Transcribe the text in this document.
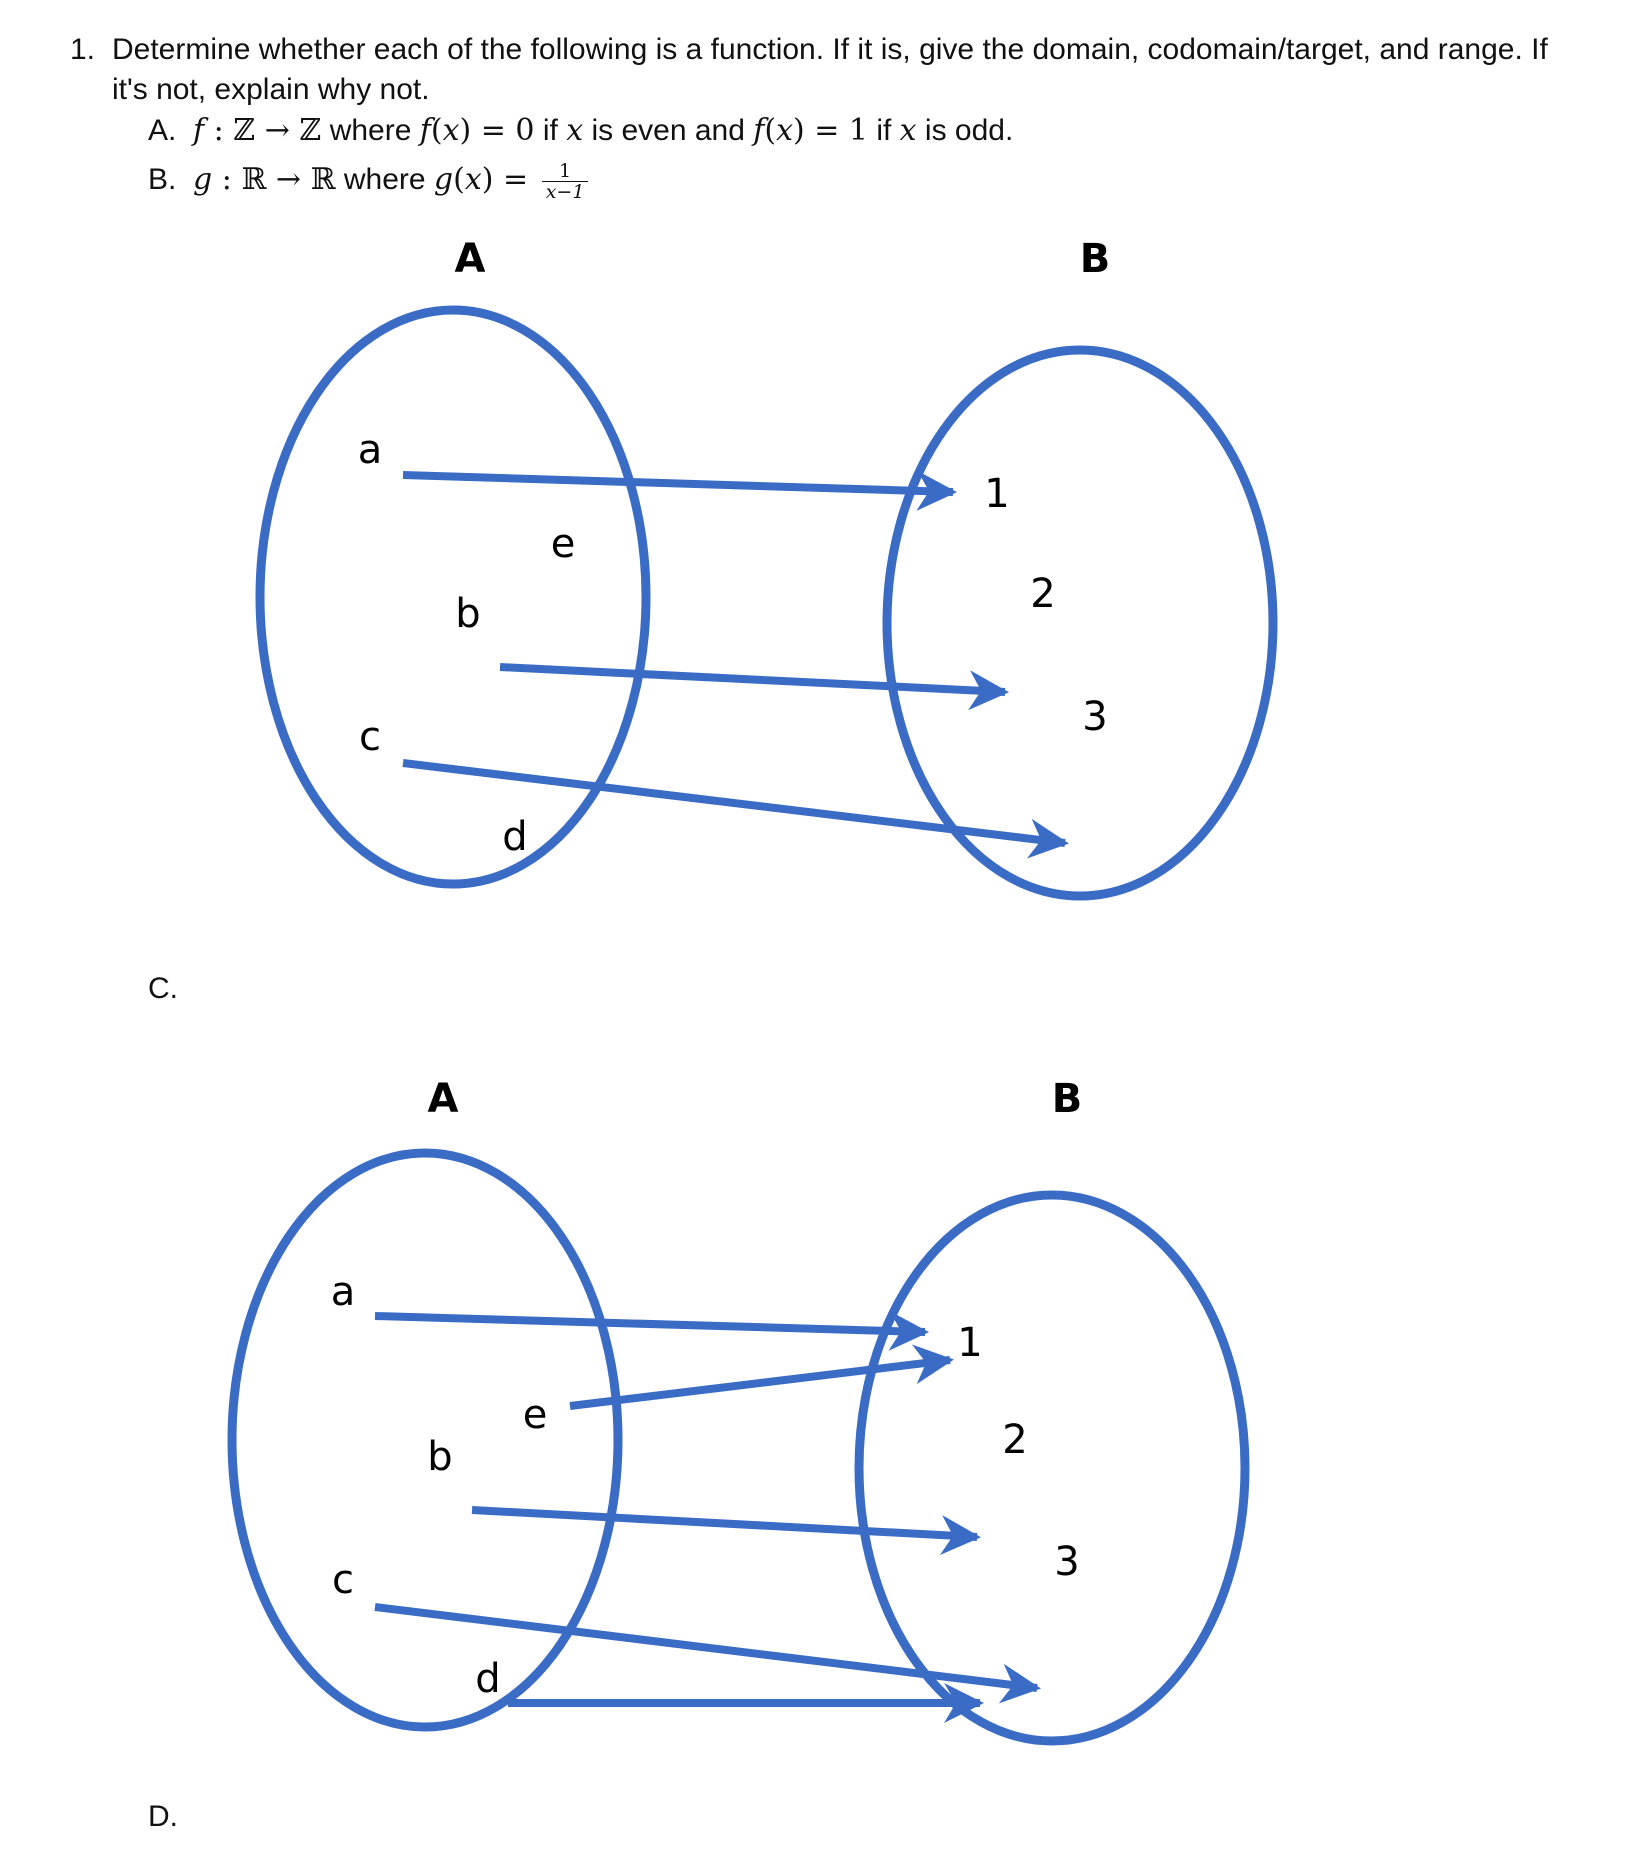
1. Determine whether each of the following is a function. If it is, give the domain, codomain/target, and range. If
it's not, explain why not.
A. f : ℤ → ℤ where f(x) = 0 if x is even and f(x) = 1 if x is odd.
B. g : ℝ → ℝ where $g(x) = \frac{1}{x-1}$
A	B
a
b
c
d
e
1
2
3
C.
A	B
a
b
c
d
e
1
2
3
D.
